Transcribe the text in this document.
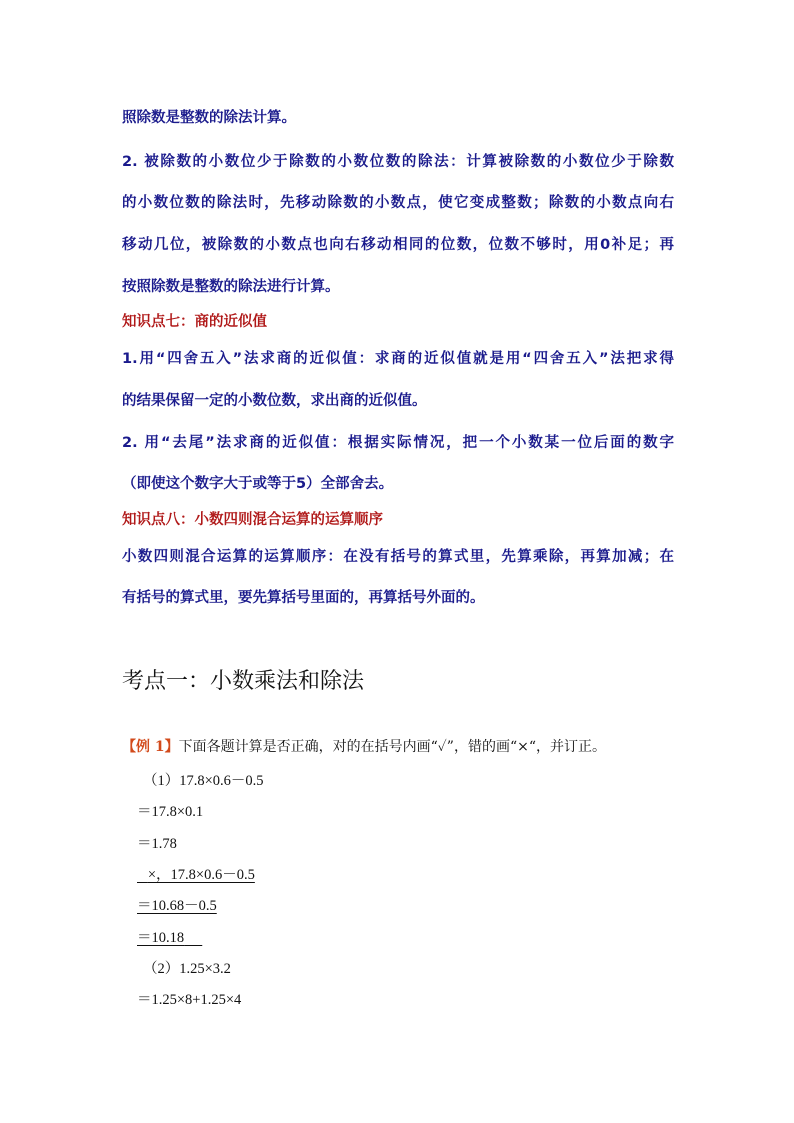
照除数是整数的除法计算。
2. 被除数的小数位少于除数的小数位数的除法：计算被除数的小数位少于除数
的小数位数的除法时，先移动除数的小数点，使它变成整数；除数的小数点向右
移动几位，被除数的小数点也向右移动相同的位数，位数不够时，用0补足；再
按照除数是整数的除法进行计算。
知识点七：商的近似值
1.用“四舍五入”法求商的近似值：求商的近似值就是用“四舍五入”法把求得
的结果保留一定的小数位数，求出商的近似值。
2. 用“去尾”法求商的近似值：根据实际情况，把一个小数某一位后面的数字
（即使这个数字大于或等于5）全部舍去。
知识点八：小数四则混合运算的运算顺序
小数四则混合运算的运算顺序：在没有括号的算式里，先算乘除，再算加减；在
有括号的算式里，要先算括号里面的，再算括号外面的。
考点一：小数乘法和除法
【例 1】下面各题计算是否正确，对的在括号内画“✓”，错的画“×“，并订正。
（1）17.8×0.6－0.5
＝17.8×0.1
＝1.78
×，17.8×0.6－0.5
＝10.68－0.5
＝10.18
（2）1.25×3.2
＝1.25×8+1.25×4
